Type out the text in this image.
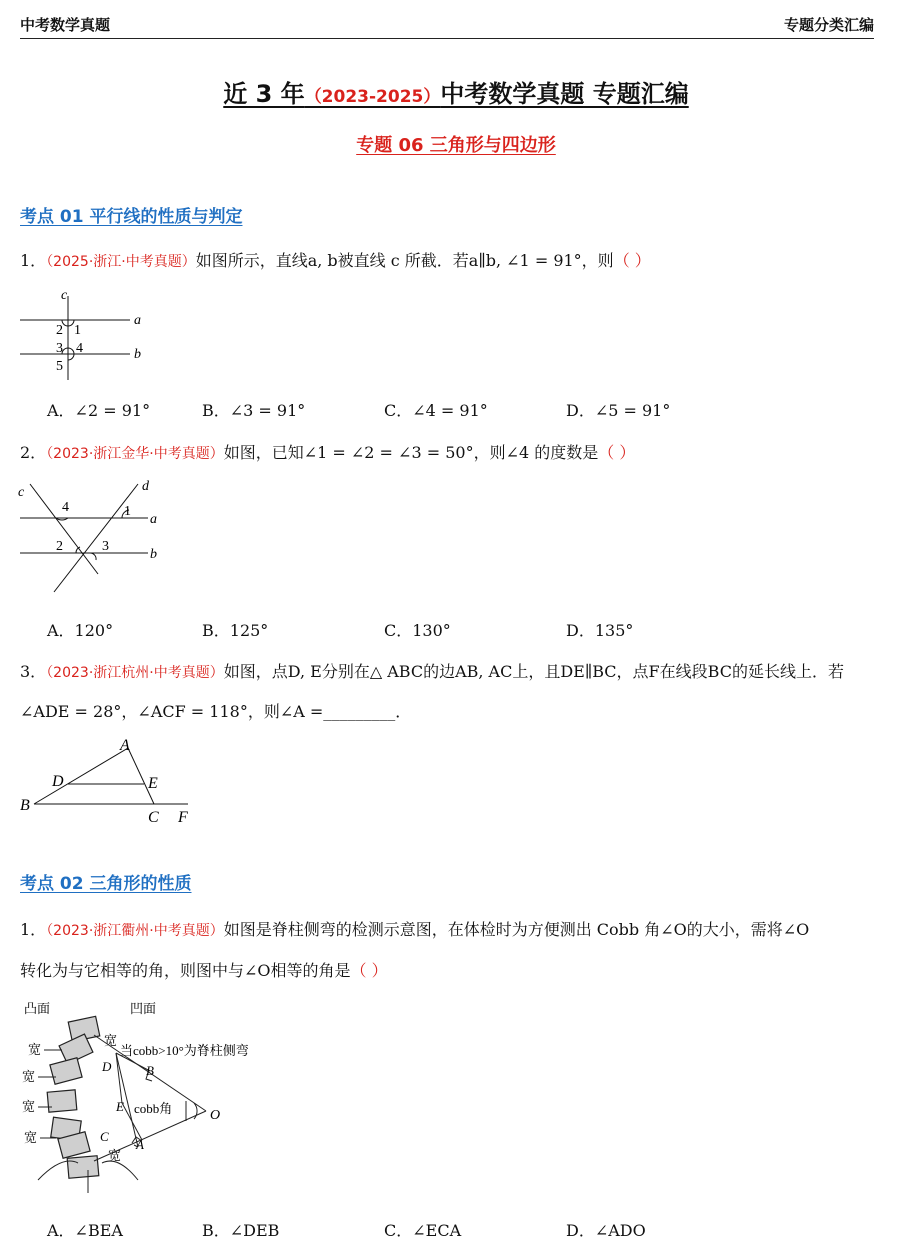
中考数学真题	专题分类汇编
近 3 年（2023-2025）中考数学真题 专题汇编
专题 06 三角形与四边形
考点 01 平行线的性质与判定
1．（2025·浙江·中考真题）如图所示，直线a, b被直线 c 所截．若a∥b, ∠1 = 91°，则（ ）
c
a
b
2 1
3 4
5
A．∠2 = 91°	B．∠3 = 91°	C．∠4 = 91°	D．∠5 = 91°
2．（2023·浙江金华·中考真题）如图，已知∠1 = ∠2 = ∠3 = 50°，则∠4 的度数是（ ）
c	d
a
b
4	1
2	3
A．120°	B．125°	C．130°	D．135°
3．（2023·浙江杭州·中考真题）如图，点D, E分别在△ ABC的边AB, AC上，且DE∥BC，点F在线段BC的延长线上．若
∠ADE = 28°，∠ACF = 118°，则∠A =_________．
A
D	E
B
C F
考点 02 三角形的性质
1．（2023·浙江衢州·中考真题）如图是脊柱侧弯的检测示意图，在体检时为方便测出 Cobb 角∠O的大小，需将∠O
转化为与它相等的角，则图中与∠O相等的角是（ ）
凸面	凹面
宽
宽
宽
宽
宽
宽
当cobb>10°为脊柱侧弯
O
B
A
D
E
C
cobb角
A．∠BEA	B．∠DEB	C．∠ECA	D．∠ADO
